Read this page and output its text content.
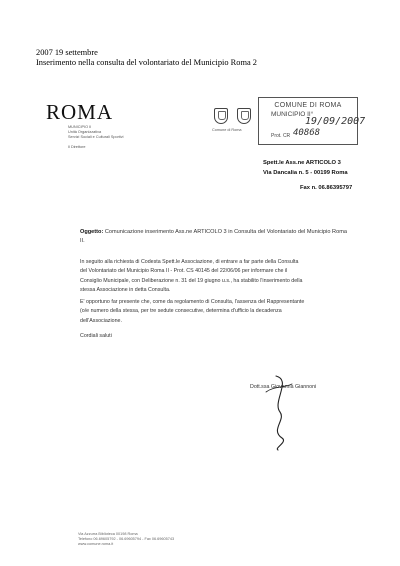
2007 19 settembre
Inserimento nella consulta del volontariato del Municipio Roma 2
ROMA
MUNICIPIO II
Unità Organizzativa
Servizi Sociali e Culturali Sportivi
Il Direttore
Comune di Roma
COMUNE DI ROMA
MUNICIPIO II°
19/09/2007
Prot. CR 40868
Spett.le Ass.ne ARTICOLO 3
Via Dancalia n. 5 - 00199 Roma
Fax n. 06.86395797
Oggetto: Comunicazione inserimento Ass.ne ARTICOLO 3 in Consulta del Volontariato del Municipio Roma II.
In seguito alla richiesta di Codesta Spett.le Associazione, di entrare a far parte della Consulta
del Volontariato del Municipio Roma II - Prot. CS 40145 del 22/06/06 per informare che il
Consiglio Municipale, con Deliberazione n. 31 del 19 giugno u.s., ha stabilito l'inserimento della
stessa Associazione in detta Consulta.
E' opportuno far presente che, come da regolamento di Consulta, l'assenza del Rappresentante
(o/e numero della stessa, per tre sedute consecutive, determina d'ufficio la decadenza
dell'Associazione.
Cordiali saluti
Dott.ssa Giovanna Giannoni
Via Azzurra Biblioteca 00198 Roma
Telefono 06.69605792 - 06.69605794 - Fax 06.69605743
www.comune.roma.it
